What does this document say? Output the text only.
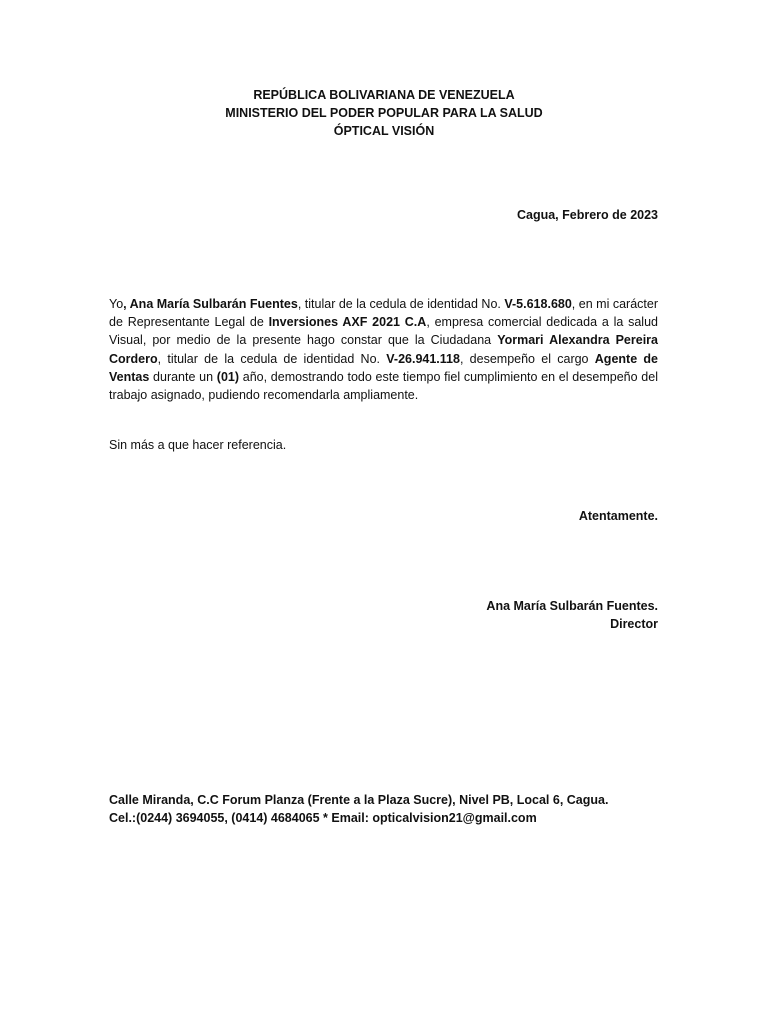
REPÚBLICA BOLIVARIANA DE VENEZUELA
MINISTERIO DEL PODER POPULAR PARA LA SALUD
ÓPTICAL VISIÓN
Cagua, Febrero de 2023
Yo, Ana María Sulbarán Fuentes, titular de la cedula de identidad No. V-5.618.680, en mi carácter de Representante Legal de Inversiones AXF 2021 C.A, empresa comercial dedicada a la salud Visual, por medio de la presente hago constar que la Ciudadana Yormari Alexandra Pereira Cordero, titular de la cedula de identidad No. V-26.941.118, desempeño el cargo Agente de Ventas durante un (01) año, demostrando todo este tiempo fiel cumplimiento en el desempeño del trabajo asignado, pudiendo recomendarla ampliamente.
Sin más a que hacer referencia.
Atentamente.
Ana María Sulbarán Fuentes.
Director
Calle Miranda, C.C Forum Planza (Frente a la Plaza Sucre), Nivel PB, Local 6, Cagua.
Cel.:(0244) 3694055, (0414) 4684065 * Email: opticalvision21@gmail.com
